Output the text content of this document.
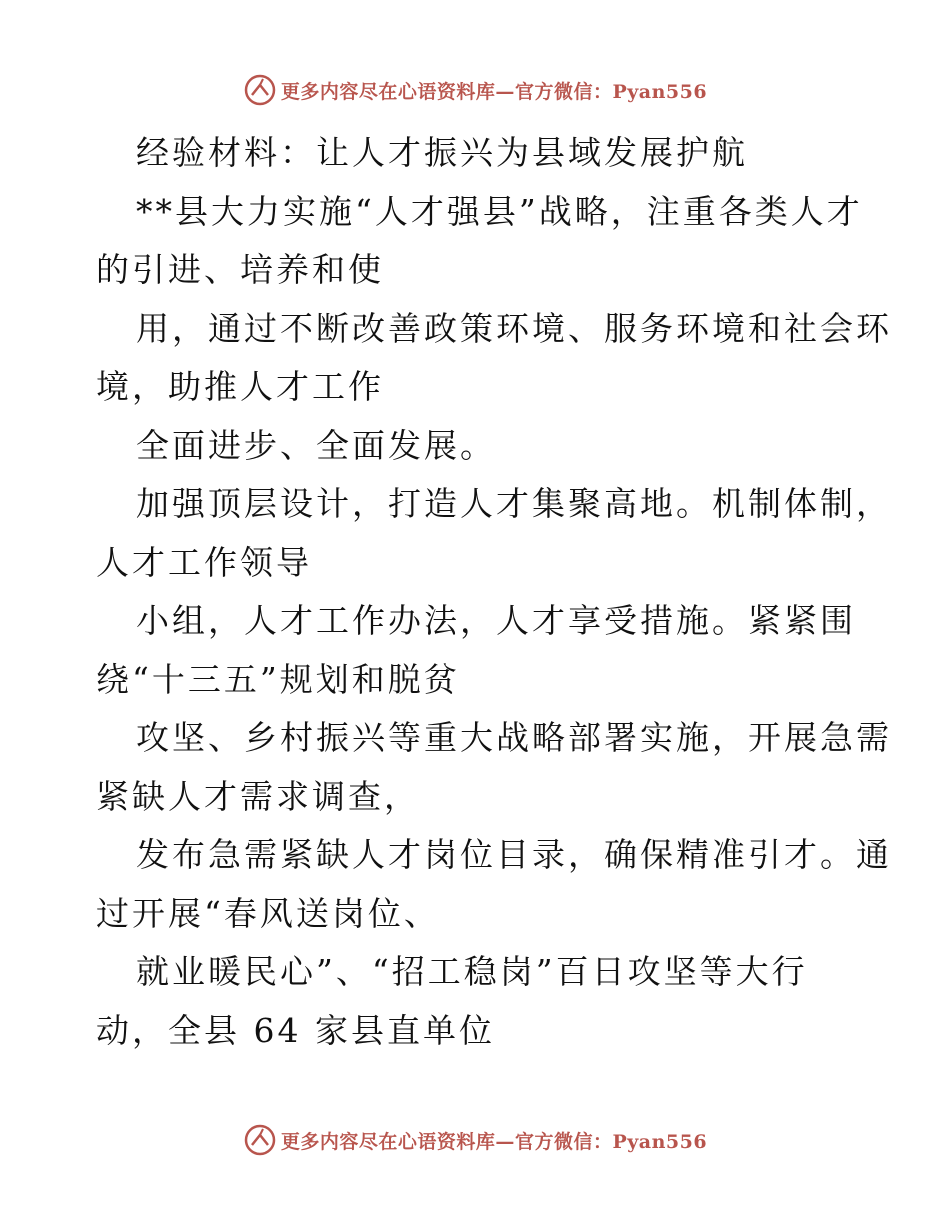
更多内容尽在心语资料库— 官方微信：Pyan556
经验材料：让人才振兴为县域发展护航
**县大力实施“人才强县”战略，注重各类人才
的引进、培养和使
用，通过不断改善政策环境、服务环境和社会环
境，助推人才工作
全面进步、全面发展。
加强顶层设计，打造人才集聚高地。机制体制，
人才工作领导
小组，人才工作办法，人才享受措施。紧紧围
绕“十三五”规划和脱贫
攻坚、乡村振兴等重大战略部署实施，开展急需
紧缺人才需求调查，
发布急需紧缺人才岗位目录，确保精准引才。通
过开展“春风送岗位、
就业暖民心”、“招工稳岗”百日攻坚等大行
动，全县 64 家县直单位
更多内容尽在心语资料库— 官方微信：Pyan556
